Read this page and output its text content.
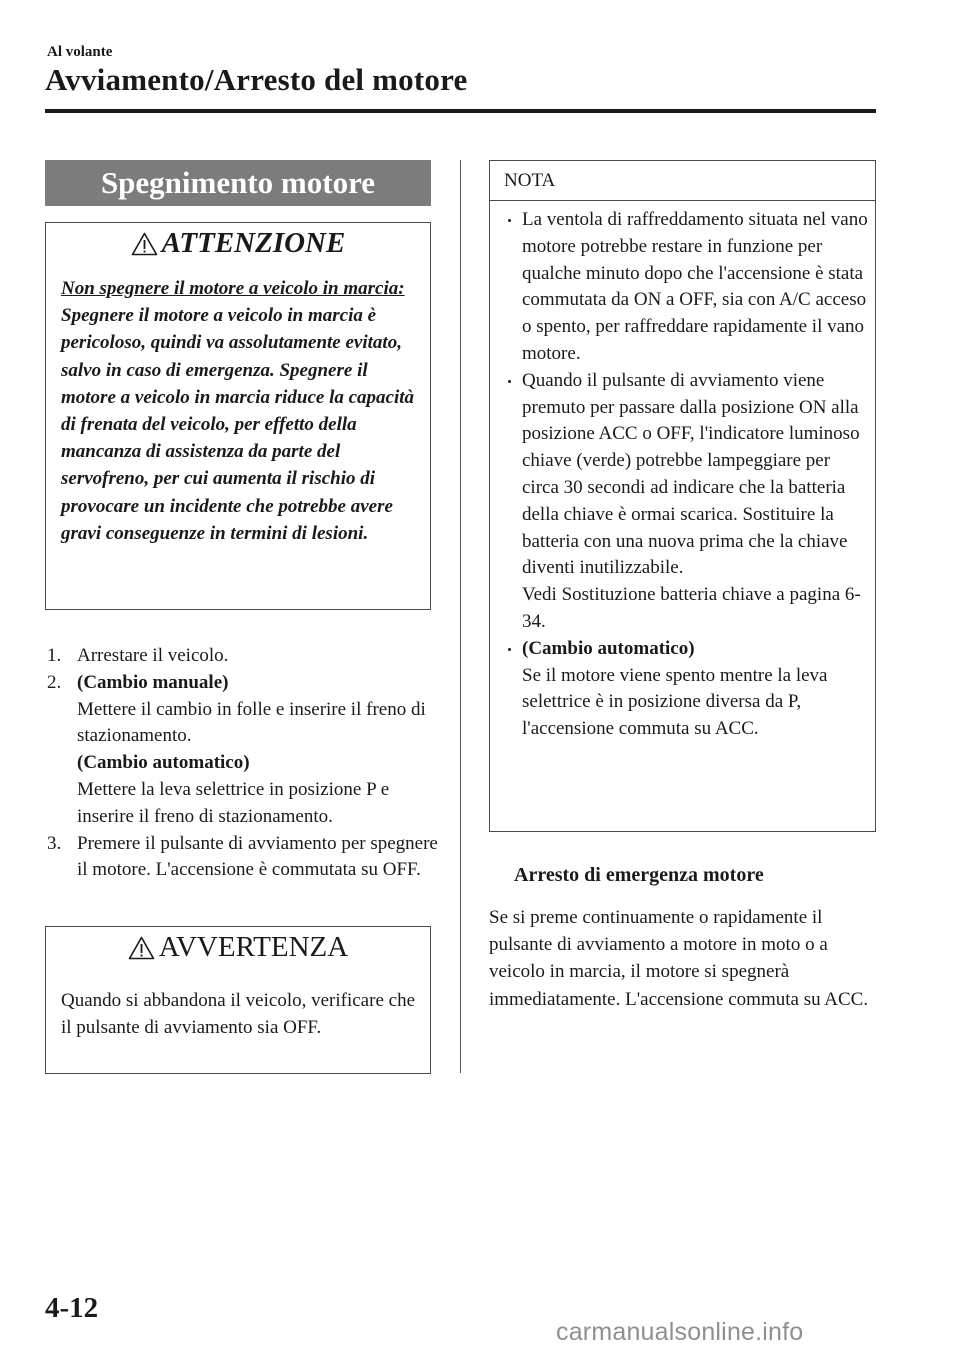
Al volante
Avviamento/Arresto del motore
Spegnimento motore
ATTENZIONE
Non spegnere il motore a veicolo in marcia:
Spegnere il motore a veicolo in marcia è pericoloso, quindi va assolutamente evitato, salvo in caso di emergenza. Spegnere il motore a veicolo in marcia riduce la capacità di frenata del veicolo, per effetto della mancanza di assistenza da parte del servofreno, per cui aumenta il rischio di provocare un incidente che potrebbe avere gravi conseguenze in termini di lesioni.
1. Arrestare il veicolo.
2. (Cambio manuale)
Mettere il cambio in folle e inserire il freno di stazionamento.
(Cambio automatico)
Mettere la leva selettrice in posizione P e inserire il freno di stazionamento.
3. Premere il pulsante di avviamento per spegnere il motore. L'accensione è commutata su OFF.
AVVERTENZA
Quando si abbandona il veicolo, verificare che il pulsante di avviamento sia OFF.
NOTA
La ventola di raffreddamento situata nel vano motore potrebbe restare in funzione per qualche minuto dopo che l'accensione è stata commutata da ON a OFF, sia con A/C acceso o spento, per raffreddare rapidamente il vano motore.
Quando il pulsante di avviamento viene premuto per passare dalla posizione ON alla posizione ACC o OFF, l'indicatore luminoso chiave (verde) potrebbe lampeggiare per circa 30 secondi ad indicare che la batteria della chiave è ormai scarica. Sostituire la batteria con una nuova prima che la chiave diventi inutilizzabile.
Vedi Sostituzione batteria chiave a pagina 6-34.
(Cambio automatico)
Se il motore viene spento mentre la leva selettrice è in posizione diversa da P, l'accensione commuta su ACC.
Arresto di emergenza motore
Se si preme continuamente o rapidamente il pulsante di avviamento a motore in moto o a veicolo in marcia, il motore si spegnerà immediatamente. L'accensione commuta su ACC.
4-12
carmanualsonline.info
